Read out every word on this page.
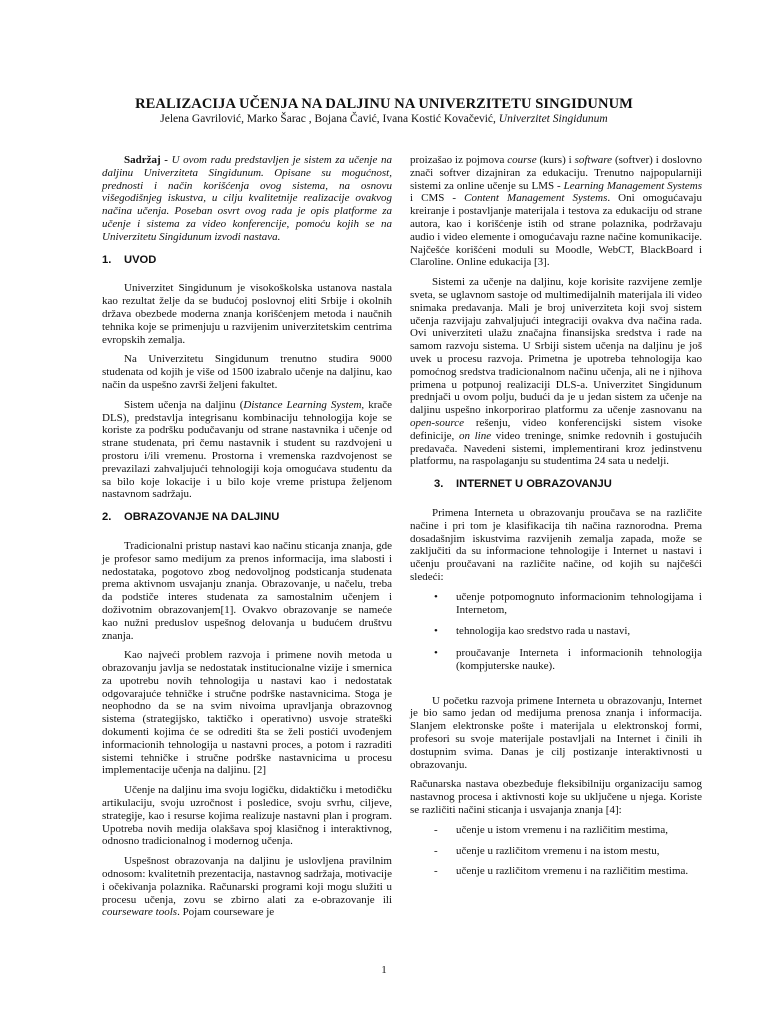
REALIZACIJA UČENJA NA DALJINU NA UNIVERZITETU SINGIDUNUM
Jelena Gavrilović, Marko Šarac , Bojana Čavić, Ivana Kostić Kovačević, Univerzitet Singidunum

Sadržaj - U ovom radu predstavljen je sistem za učenje na daljinu Univerziteta Singidunum. Opisane su mogućnost, prednosti i način korišćenja ovog sistema, na osnovu višegodišnjeg iskustva, u cilju kvalitetnije realizacije ovakvog načina učenja. Poseban osvrt ovog rada je opis platforme za učenje i sistema za video konferencije, pomoću kojih se na Univerzitetu Singidunum izvodi nastava.

1. UVOD

Univerzitet Singidunum je visokoškolska ustanova nastala kao rezultat želje da se budućoj poslovnoj eliti Srbije i okolnih država obezbede moderna znanja korišćenjem metoda i naučnih tehnika koje se primenjuju u razvijenim univerzitetskim centrima evropskih zemalja.

Na Univerzitetu Singidunum trenutno studira 9000 studenata od kojih je više od 1500 izabralo učenje na daljinu, kao način da uspešno završi željeni fakultet.

Sistem učenja na daljinu (Distance Learning System, krače DLS), predstavlja integrisanu kombinaciju tehnologija koje se koriste za podršku podučavanju od strane nastavnika i učenje od strane studenata, pri čemu nastavnik i student su razdvojeni u prostoru i/ili vremenu. Prostorna i vremenska razdvojenost se prevazilazi zahvaljujući tehnologiji koja omogućava studentu da sa bilo koje lokacije i u bilo koje vreme pristupa željenom nastavnom sadržaju.

2. OBRAZOVANJE NA DALJINU

Tradicionalni pristup nastavi kao načinu sticanja znanja, gde je profesor samo medijum za prenos informacija, ima slabosti i nedostataka, pogotovo zbog nedovoljnog podsticanja studenata prema aktivnom usvajanju znanja. Obrazovanje, u načelu, treba da podstiče interes studenata za samostalnim učenjem i doživotnim obrazovanjem[1]. Ovakvo obrazovanje se nameće kao nužni preduslov uspešnog delovanja u budućem društvu znanja.

Kao najveći problem razvoja i primene novih metoda u obrazovanju javlja se nedostatak institucionalne vizije i smernica za upotrebu novih tehnologija u nastavi kao i nedostatak odgovarajuće tehničke i stručne podrške nastavnicima. Stoga je neophodno da se na svim nivoima upravljanja obrazovnog sistema (strategijsko, taktičko i operativno) usvoje strateški dokumenti kojima će se odrediti šta se želi postići uvođenjem informacionih tehnologija u nastavni proces, a potom i razraditi sistemi tehničke i stručne podrške nastavnicima u procesu implementacije učenja na daljinu. [2]

Učenje na daljinu ima svoju logičku, didaktičku i metodičku artikulaciju, svoju uzročnost i posledice, svoju svrhu, ciljeve, strategije, kao i resurse kojima realizuje nastavni plan i program. Upotreba novih medija olakšava spoj klasičnog i interaktivnog, odnosno tradicionalnog i modernog učenja.

Uspešnost obrazovanja na daljinu je uslovljena pravilnim odnosom: kvalitetnih prezentacija, nastavnog sadržaja, motivacije i očekivanja polaznika. Računarski programi koji mogu služiti u procesu učenja, zovu se zbirno alati za e-obrazovanje ili courseware tools. Pojam courseware je

proizašao iz pojmova course (kurs) i software (softver) i doslovno znači softver dizajniran za edukaciju. Trenutno najpopularniji sistemi za online učenje su LMS - Learning Management Systems i CMS - Content Management Systems. Oni omogućavaju kreiranje i postavljanje materijala i testova za edukaciju od strane autora, kao i korišćenje istih od strane polaznika, podržavaju audio i video elemente i omogućavaju razne načine komunikacije. Najčešće korišćeni moduli su Moodle, WebCT, BlackBoard i Claroline. Online edukacija [3].

Sistemi za učenje na daljinu, koje korisite razvijene zemlje sveta, se uglavnom sastoje od multimedijalnih materijala ili video snimaka predavanja. Mali je broj univerziteta koji svoj sistem učenja razvijaju zahvaljujući integraciji ovakva dva načina rada. Ovi univerziteti ulažu značajna finansijska sredstva i rade na samom razvoju sistema. U Srbiji sistem učenja na daljinu je još uvek u procesu razvoja. Primetna je upotreba tehnologija kao pomoćnog sredstva tradicionalnom načinu učenja, ali ne i njihova primena u potpunoj realizaciji DLS-a. Univerzitet Singidunum prednjači u ovom polju, budući da je u jedan sistem za učenje na daljinu uspešno inkorporirao platformu za učenje zasnovanu na open-source rešenju, video konferencijski sistem visoke definicije, on line video treninge, snimke redovnih i gostujućih predavača. Navedeni sistemi, implementirani kroz jedinstvenu platformu, na raspolaganju su studentima 24 sata u nedelji.

3. INTERNET U OBRAZOVANJU

Primena Interneta u obrazovanju proučava se na različite načine i pri tom je klasifikacija tih načina raznorodna. Prema dosadašnjim iskustvima razvijenih zemalja zapada, može se zaključiti da su informacione tehnologije i Internet u nastavi i učenju proučavani na različite načine, od kojih su najčešći sledeći:

• učenje potpomognuto informacionim tehnologijama i Internetom,
• tehnologija kao sredstvo rada u nastavi,
• proučavanje Interneta i informacionih tehnologija (kompjuterske nauke).

U početku razvoja primene Interneta u obrazovanju, Internet je bio samo jedan od medijuma prenosa znanja i informacija. Slanjem elektronske pošte i materijala u elektronskoj formi, profesori su svoje materijale postavljali na Internet i činili ih dostupnim svima. Danas je cilj postizanje interaktivnosti u obrazovanju.

Računarska nastava obezbeđuje fleksibilniju organizaciju samog nastavnog procesa i aktivnosti koje su uključene u njega. Koriste se različiti načini sticanja i usvajanja znanja [4]:

- učenje u istom vremenu i na različitim mestima,
- učenje u različitom vremenu i na istom mestu,
- učenje u različitom vremenu i na različitim mestima.
1
